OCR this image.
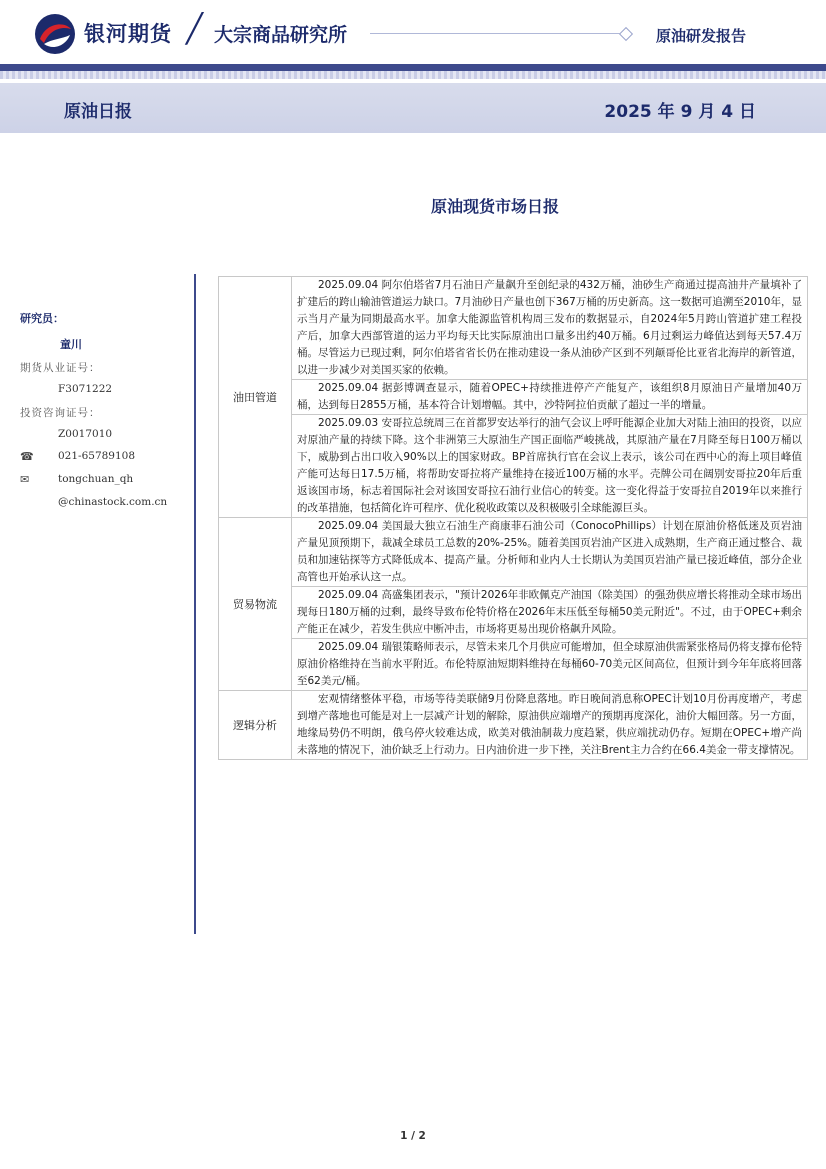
银河期货 ╱ 大宗商品研究所	原油研发报告
原油日报	2025 年 9 月 4 日
原油现货市场日报
研究员：
童川
期货从业证号：
F3071222
投资咨询证号：
Z0017010
☎	021-65789108
✉	tongchuan_qh
@chinastock.com.cn
油田管道	2025.09.04 阿尔伯塔省7月石油日产量飙升至创纪录的432万桶，油砂生产商通过提高油井产量填补了扩建后的跨山输油管道运力缺口。7月油砂日产量也创下367万桶的历史新高。这一数据可追溯至2010年，显示当月产量为同期最高水平。加拿大能源监管机构周三发布的数据显示，自2024年5月跨山管道扩建工程投产后，加拿大西部管道的运力平均每天比实际原油出口量多出约40万桶。6月过剩运力峰值达到每天57.4万桶。尽管运力已现过剩，阿尔伯塔省省长仍在推动建设一条从油砂产区到不列颠哥伦比亚省北海岸的新管道，以进一步减少对美国买家的依赖。
	2025.09.04 据彭博调查显示，随着OPEC+持续推进停产产能复产，该组织8月原油日产量增加40万桶，达到每日2855万桶，基本符合计划增幅。其中，沙特阿拉伯贡献了超过一半的增量。
	2025.09.03 安哥拉总统周三在首都罗安达举行的油气会议上呼吁能源企业加大对陆上油田的投资，以应对原油产量的持续下降。这个非洲第三大原油生产国正面临严峻挑战，其原油产量在7月降至每日100万桶以下，威胁到占出口收入90%以上的国家财政。BP首席执行官在会议上表示，该公司在西中心的海上项目峰值产能可达每日17.5万桶，将帮助安哥拉将产量维持在接近100万桶的水平。壳牌公司在阔别安哥拉20年后重返该国市场，标志着国际社会对该国安哥拉石油行业信心的转变。这一变化得益于安哥拉自2019年以来推行的改革措施，包括简化许可程序、优化税收政策以及积极吸引全球能源巨头。
贸易物流	2025.09.04 美国最大独立石油生产商康菲石油公司（ConocoPhillips）计划在原油价格低迷及页岩油产量见顶预期下，裁减全球员工总数的20%-25%。随着美国页岩油产区进入成熟期，生产商正通过整合、裁员和加速钻探等方式降低成本、提高产量。分析师和业内人士长期认为美国页岩油产量已接近峰值，部分企业高管也开始承认这一点。
	2025.09.04 高盛集团表示，"预计2026年非欧佩克产油国（除美国）的强劲供应增长将推动全球市场出现每日180万桶的过剩，最终导致布伦特价格在2026年末压低至每桶50美元附近"。不过，由于OPEC+剩余产能正在减少，若发生供应中断冲击，市场将更易出现价格飙升风险。
	2025.09.04 瑞银策略师表示，尽管未来几个月供应可能增加，但全球原油供需紧张格局仍将支撑布伦特原油价格维持在当前水平附近。布伦特原油短期料维持在每桶60-70美元区间高位，但预计到今年年底将回落至62美元/桶。
逻辑分析	宏观情绪整体平稳，市场等待美联储9月份降息落地。昨日晚间消息称OPEC计划10月份再度增产，考虑到增产落地也可能是对上一层减产计划的解除，原油供应端增产的预期再度深化，油价大幅回落。另一方面，地缘局势仍不明朗，俄乌停火较难达成，欧美对俄油制裁力度趋紧，供应端扰动仍存。短期在OPEC+增产尚未落地的情况下，油价缺乏上行动力。日内油价进一步下挫，关注Brent主力合约在66.4美金一带支撑情况。
1 / 2
